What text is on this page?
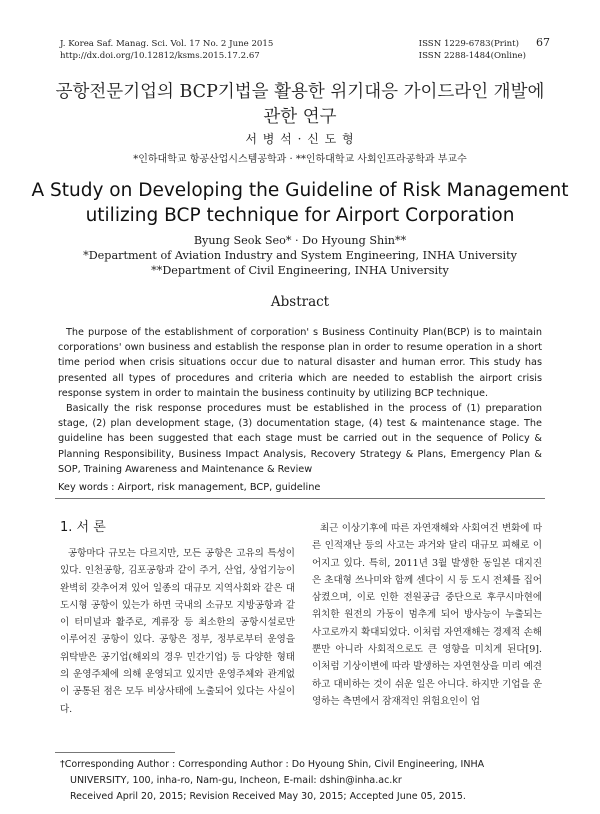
J. Korea Saf. Manag. Sci. Vol. 17 No. 2 June 2015
http://dx.doi.org/10.12812/ksms.2015.17.2.67
ISSN 1229-6783(Print)
ISSN 2288-1484(Online)
67
공항전문기업의 BCP기법을 활용한 위기대응 가이드라인 개발에
관한 연구
서 병 석 · 신 도 형
*인하대학교 항공산업시스템공학과 · **인하대학교 사회인프라공학과 부교수
A Study on Developing the Guideline of Risk Management
utilizing BCP technique for Airport Corporation
Byung Seok Seo* · Do Hyoung Shin**
*Department of Aviation Industry and System Engineering, INHA University
**Department of Civil Engineering, INHA University
Abstract

The purpose of the establishment of corporation' s Business Continuity Plan(BCP) is to maintain corporations' own business and establish the response plan in order to resume operation in a short time period when crisis situations occur due to natural disaster and human error. This study has presented all types of procedures and criteria which are needed to establish the airport crisis response system in order to maintain the business continuity by utilizing BCP technique.

Basically the risk response procedures must be established in the process of (1) preparation stage, (2) plan development stage, (3) documentation stage, (4) test & maintenance stage. The guideline has been suggested that each stage must be carried out in the sequence of Policy & Planning Responsibility, Business Impact Analysis, Recovery Strategy & Plans, Emergency Plan & SOP, Training Awareness and Maintenance & Review

Key words : Airport, risk management, BCP, guideline
1. 서 론
공항마다 규모는 다르지만, 모든 공항은 고유의 특성이 있다. 인천공항, 김포공항과 같이 주거, 산업, 상업기능이 완벽히 갖추어져 있어 일종의 대규모 지역사회와 같은 대도시형 공항이 있는가 하면 국내의 소규모 지방공항과 같이 터미널과 활주로, 계류장 등 최소한의 공항시설로만 이루어진 공항이 있다. 공항은 정부, 정부로부터 운영을 위탁받은 공기업(해외의 경우 민간기업) 등 다양한 형태의 운영주체에 의해 운영되고 있지만 운영주체와 관계없이 공통된 점은 모두 비상사태에 노출되어 있다는 사실이다.
최근 이상기후에 따른 자연재해와 사회여건 변화에 따른 인적재난 등의 사고는 과거와 달리 대규모 피해로 이어지고 있다. 특히, 2011년 3월 발생한 동일본 대지진은 초대형 쓰나미와 함께 센다이 시 등 도시 전체를 집어삼켰으며, 이로 인한 전원공급 중단으로 후쿠시마현에 위치한 원전의 가동이 멈추게 되어 방사능이 누출되는 사고로까지 확대되었다. 이처럼 자연재해는 경제적 손해뿐만 아니라 사회적으로도 큰 영향을 미치게 된다[9]. 이처럼 기상이변에 따라 발생하는 자연현상을 미리 예견하고 대비하는 것이 쉬운 일은 아니다. 하지만 기업을 운영하는 측면에서 잠재적인 위험요인이 업
†Corresponding Author : Corresponding Author : Do Hyoung Shin, Civil Engineering, INHA
UNIVERSITY, 100, inha-ro, Nam-gu, Incheon, E-mail: dshin@inha.ac.kr
Received April 20, 2015; Revision Received May 30, 2015; Accepted June 05, 2015.
